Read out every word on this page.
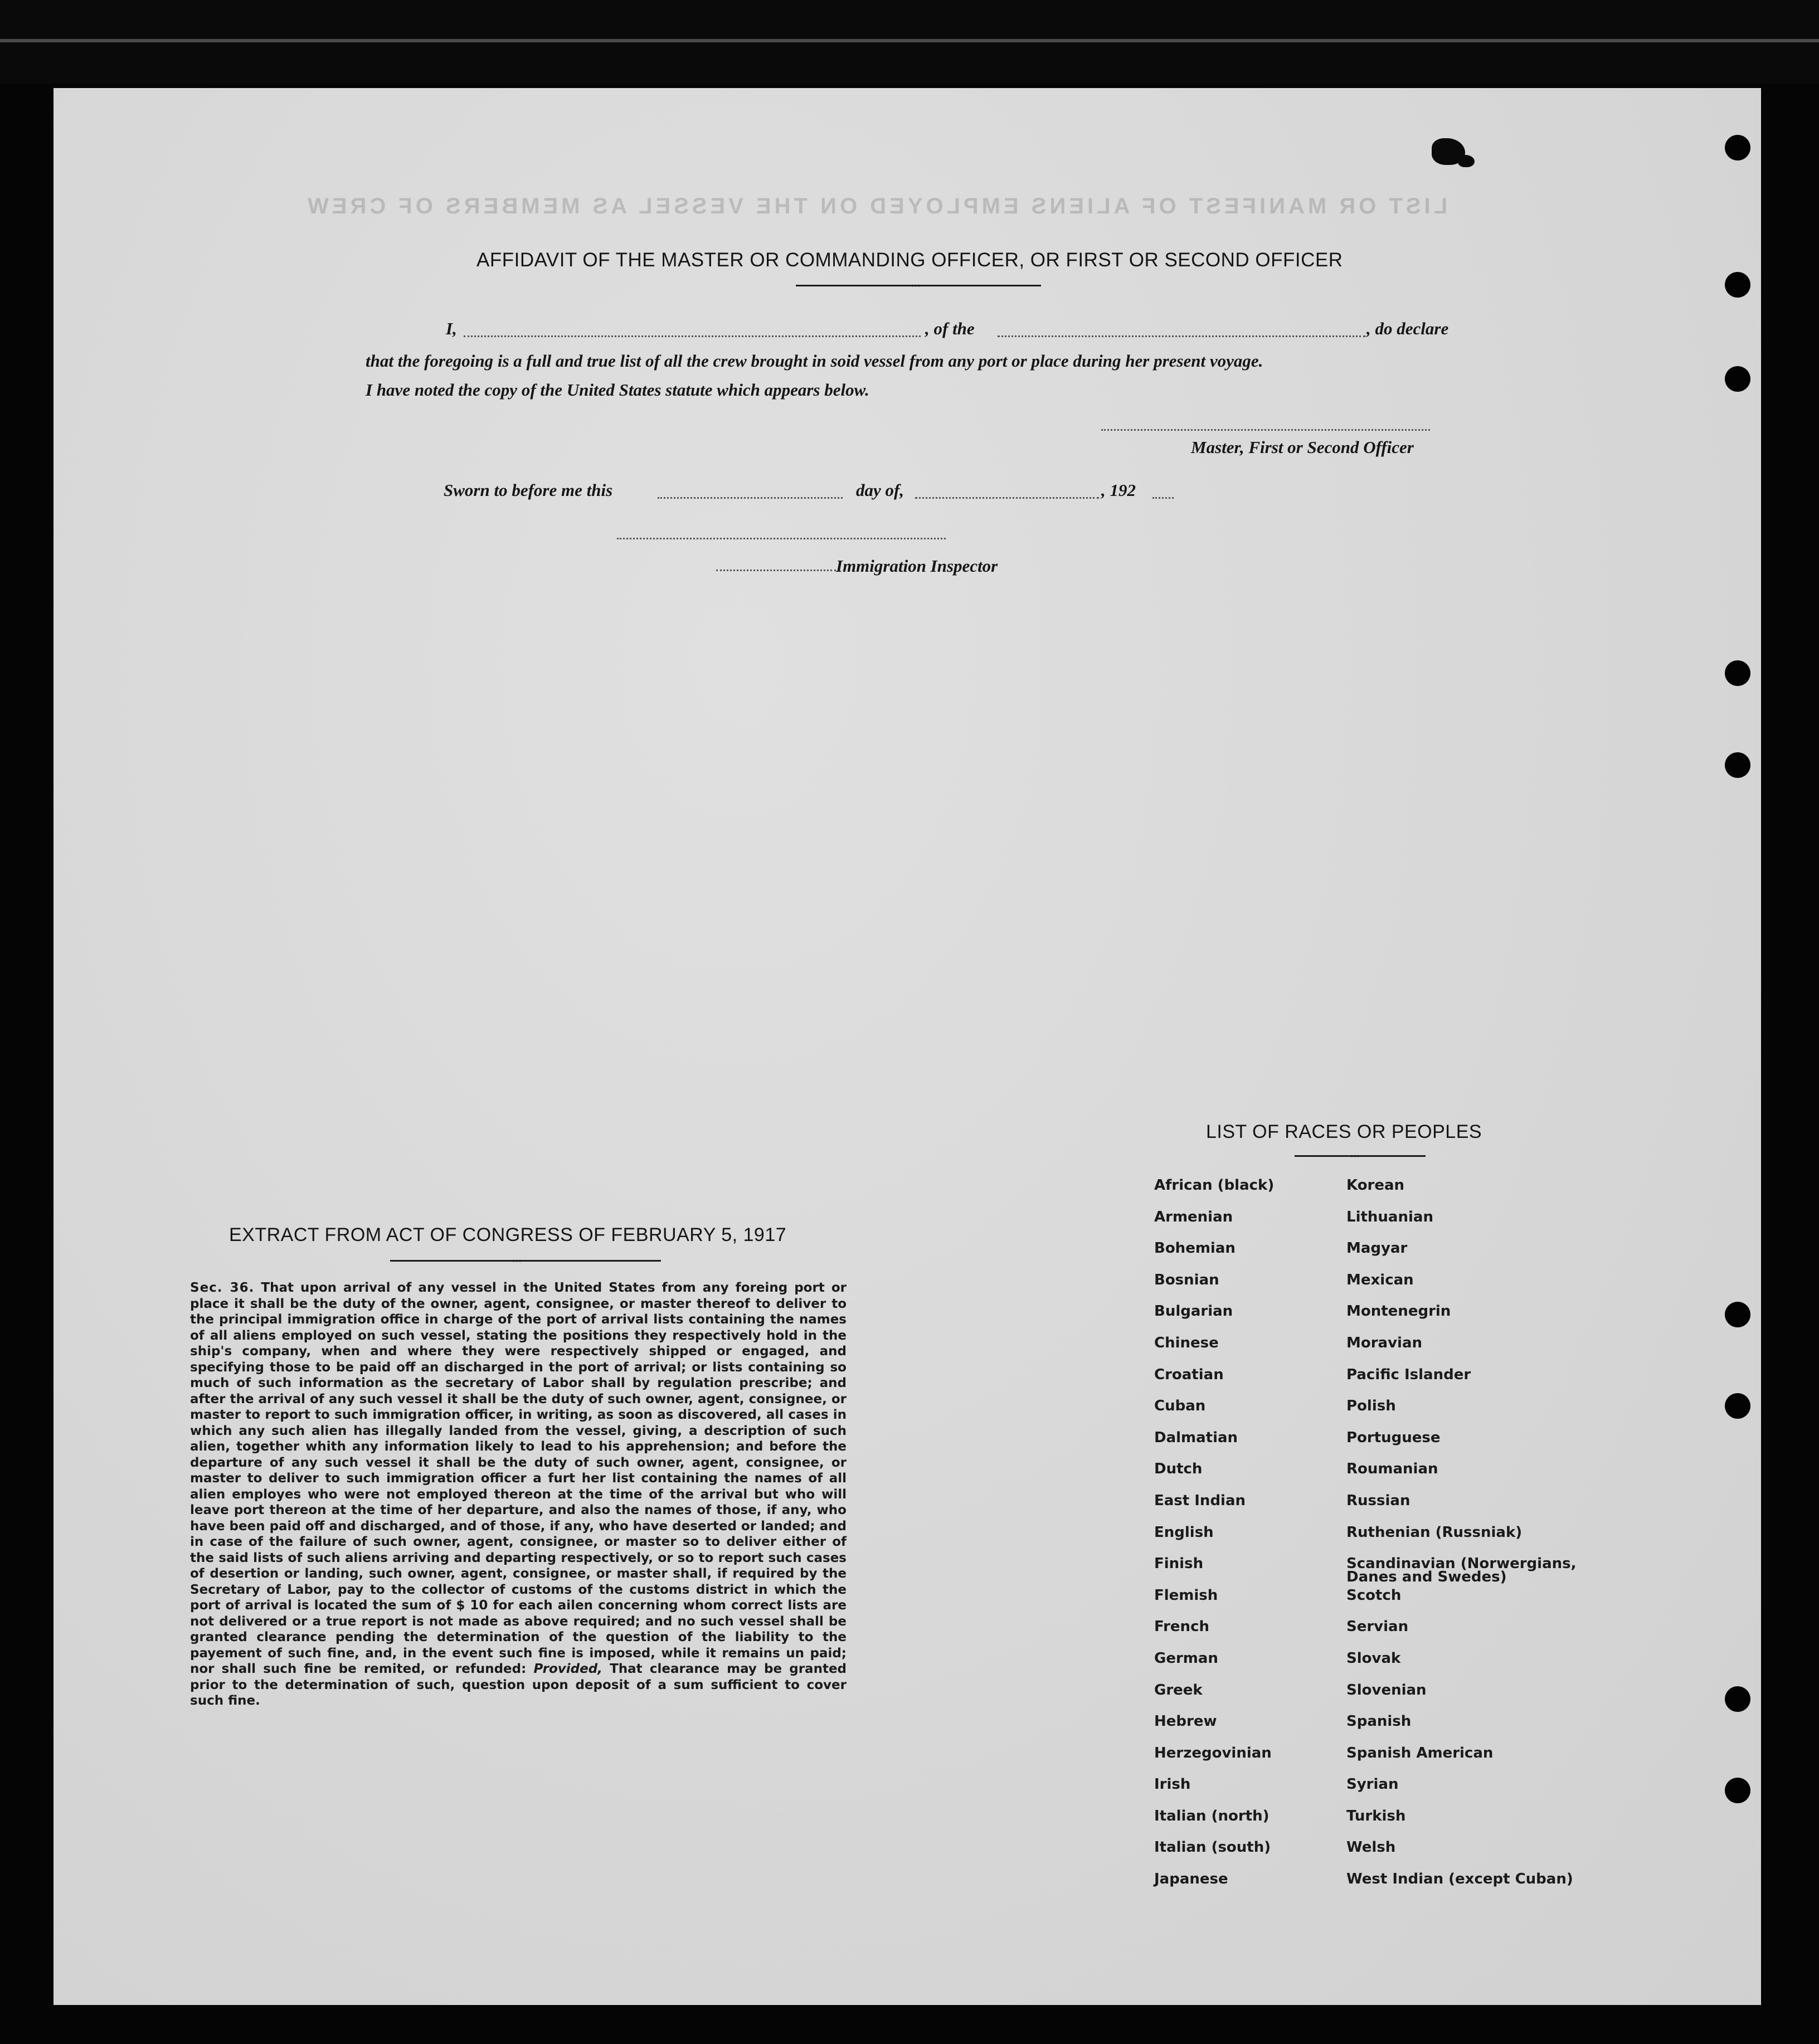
LIST OR MANIFEST OF ALIENS EMPLOYED ON THE VESSEL AS MEMBERS OF CREW
AFFIDAVIT OF THE MASTER OR COMMANDING OFFICER, OR FIRST OR SECOND OFFICER
•••
I,	, of the	, do declare
that the foregoing is a full and true list of all the crew brought in soid vessel from any port or place during her present voyage.
I have noted the copy of the United States statute which appears below.
Master, First or Second Officer
Sworn to before me this	day of,	, 192
Immigration Inspector
EXTRACT FROM ACT OF CONGRESS OF FEBRUARY 5, 1917
•••
Sec. 36. That upon arrival of any vessel in the United States from any foreing port or place it shall be the duty of the owner, agent, consignee, or master thereof to deliver to the principal immigration office in charge of the port of arrival lists containing the names of all aliens employed on such vessel, stating the positions they respectively hold in the ship's company, when and where they were respectively shipped or engaged, and specifying those to be paid off an discharged in the port of arrival; or lists containing so much of such information as the secretary of Labor shall by regulation prescribe; and after the arrival of any such vessel it shall be the duty of such owner, agent, consignee, or master to report to such immigration officer, in writing, as soon as discovered, all cases in which any such alien has illegally landed from the vessel, giving, a description of such alien, together whith any information likely to lead to his apprehension; and before the departure of any such vessel it shall be the duty of such owner, agent, consignee, or master to deliver to such immigration officer a furt her list containing the names of all alien employes who were not employed thereon at the time of the arrival but who will leave port thereon at the time of her departure, and also the names of those, if any, who have been paid off and discharged, and of those, if any, who have deserted or landed; and in case of the failure of such owner, agent, consignee, or master so to deliver either of the said lists of such aliens arriving and departing respectively, or so to report such cases of desertion or landing, such owner, agent, consignee, or master shall, if required by the Secretary of Labor, pay to the collector of customs of the customs district in which the port of arrival is located the sum of $ 10 for each ailen concerning whom correct lists are not delivered or a true report is not made as above required; and no such vessel shall be granted clearance pending the determination of the question of the liability to the payement of such fine, and, in the event such fine is imposed, while it remains un paid; nor shall such fine be remited, or refunded: Provided, That clearance may be granted prior to the determination of such, question upon deposit of a sum sufficient to cover such fine.
LIST OF RACES OR PEOPLES
•••
African (black)
Armenian
Bohemian
Bosnian
Bulgarian
Chinese
Croatian
Cuban
Dalmatian
Dutch
East Indian
English
Finish
Flemish
French
German
Greek
Hebrew
Herzegovinian
Irish
Italian (north)
Italian (south)
Japanese
Korean
Lithuanian
Magyar
Mexican
Montenegrin
Moravian
Pacific Islander
Polish
Portuguese
Roumanian
Russian
Ruthenian (Russniak)
Scandinavian (Norwergians,
Danes and Swedes)
Scotch
Servian
Slovak
Slovenian
Spanish
Spanish American
Syrian
Turkish
Welsh
West Indian (except Cuban)
